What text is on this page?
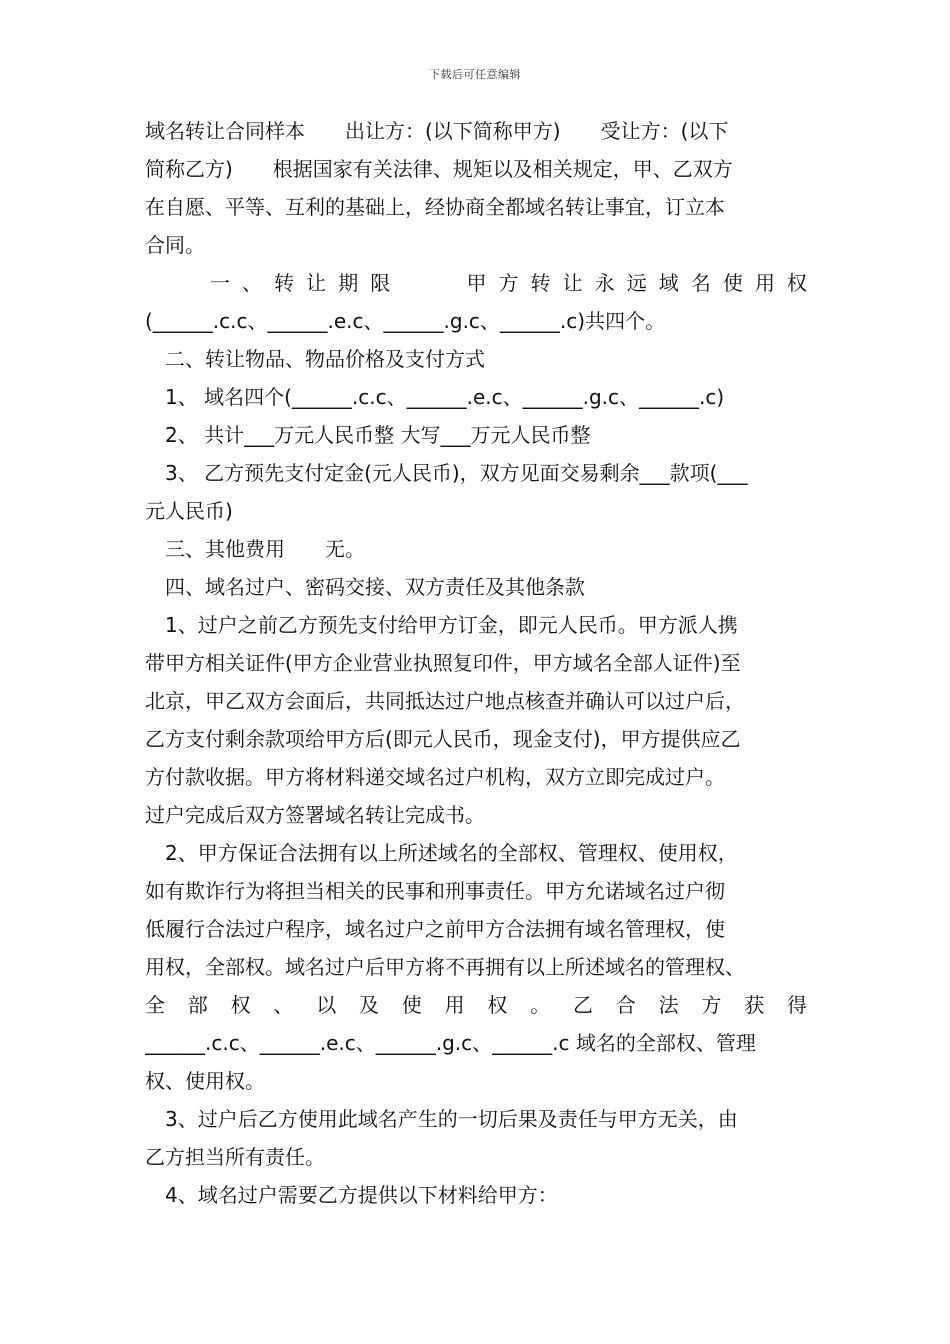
下载后可任意编辑
域名转让合同样本　　出让方：(以下简称甲方)　　受让方：(以下
简称乙方)　　根据国家有关法律、规矩以及相关规定，甲、乙双方
在自愿、平等、互利的基础上，经协商全都域名转让事宜，订立本
合同。
一、转让期限　　甲方转让永远域名使用权
(______.c.c、______.e.c、______.g.c、______.c)共四个。
二、转让物品、物品价格及支付方式
1、 域名四个(______.c.c、______.e.c、______.g.c、______.c)
2、 共计___万元人民币整 大写___万元人民币整
3、 乙方预先支付定金(元人民币)，双方见面交易剩余___款项(___
元人民币)
三、其他费用　　无。
四、域名过户、密码交接、双方责任及其他条款
1、过户之前乙方预先支付给甲方订金，即元人民币。甲方派人携
带甲方相关证件(甲方企业营业执照复印件，甲方域名全部人证件)至
北京，甲乙双方会面后，共同抵达过户地点核查并确认可以过户后，
乙方支付剩余款项给甲方后(即元人民币，现金支付)，甲方提供应乙
方付款收据。甲方将材料递交域名过户机构，双方立即完成过户。
过户完成后双方签署域名转让完成书。
2、甲方保证合法拥有以上所述域名的全部权、管理权、使用权，
如有欺诈行为将担当相关的民事和刑事责任。甲方允诺域名过户彻
低履行合法过户程序，域名过户之前甲方合法拥有域名管理权，使
用权，全部权。域名过户后甲方将不再拥有以上所述域名的管理权、
全部权、以及使用权。乙合法方获得
______.c.c、______.e.c、______.g.c、______.c 域名的全部权、管理
权、使用权。
3、过户后乙方使用此域名产生的一切后果及责任与甲方无关，由
乙方担当所有责任。
4、域名过户需要乙方提供以下材料给甲方：
